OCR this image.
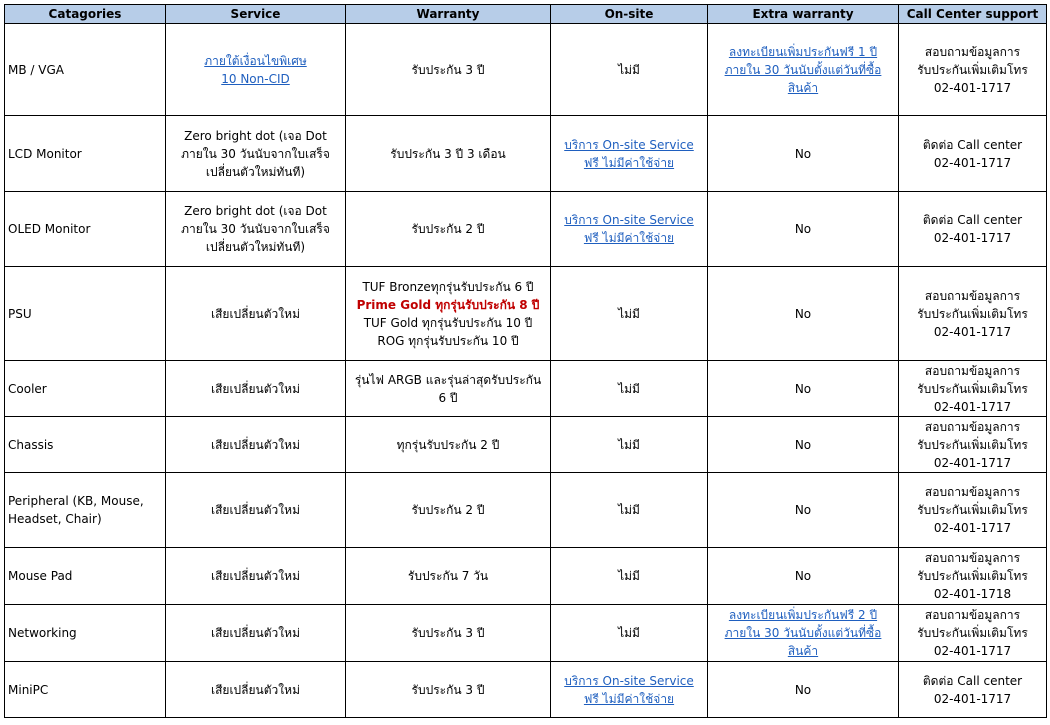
Catagories	Service	Warranty	On-site	Extra warranty	Call Center support
MB / VGA	ภายใต้เงื่อนไขพิเศษ
10 Non-CID	รับประกัน 3 ปี	ไม่มี	ลงทะเบียนเพิ่มประกันฟรี 1 ปี
ภายใน 30 วันนับตั้งแต่วันที่ซื้อ
สินค้า	สอบถามข้อมูลการ
รับประกันเพิ่มเติมโทร
02-401-1717

LCD Monitor	Zero bright dot (เจอ Dot
ภายใน 30 วันนับจากใบเสร็จ
เปลี่ยนตัวใหม่ทันที)	รับประกัน 3 ปี 3 เดือน	บริการ On-site Service
ฟรี ไม่มีค่าใช้จ่าย	No	ติดต่อ Call center
02-401-1717

OLED Monitor	Zero bright dot (เจอ Dot
ภายใน 30 วันนับจากใบเสร็จ
เปลี่ยนตัวใหม่ทันที)	รับประกัน 2 ปี	บริการ On-site Service
ฟรี ไม่มีค่าใช้จ่าย	No	ติดต่อ Call center
02-401-1717

PSU	เสียเปลี่ยนตัวใหม่	TUF Bronzeทุกรุ่นรับประกัน 6 ปี
Prime Gold ทุกรุ่นรับประกัน 8 ปี
TUF Gold ทุกรุ่นรับประกัน 10 ปี
ROG ทุกรุ่นรับประกัน 10 ปี	ไม่มี	No	สอบถามข้อมูลการ
รับประกันเพิ่มเติมโทร
02-401-1717

Cooler	เสียเปลี่ยนตัวใหม่	รุ่นไฟ ARGB และรุ่นล่าสุดรับประกัน
6 ปี	ไม่มี	No	สอบถามข้อมูลการ
รับประกันเพิ่มเติมโทร
02-401-1717

Chassis	เสียเปลี่ยนตัวใหม่	ทุกรุ่นรับประกัน 2 ปี	ไม่มี	No	สอบถามข้อมูลการ
รับประกันเพิ่มเติมโทร
02-401-1717

Peripheral (KB, Mouse,
Headset, Chair)	เสียเปลี่ยนตัวใหม่	รับประกัน 2 ปี	ไม่มี	No	สอบถามข้อมูลการ
รับประกันเพิ่มเติมโทร
02-401-1717

Mouse Pad	เสียเปลี่ยนตัวใหม่	รับประกัน 7 วัน	ไม่มี	No	สอบถามข้อมูลการ
รับประกันเพิ่มเติมโทร
02-401-1718

Networking	เสียเปลี่ยนตัวใหม่	รับประกัน 3 ปี	ไม่มี	ลงทะเบียนเพิ่มประกันฟรี 2 ปี
ภายใน 30 วันนับตั้งแต่วันที่ซื้อ
สินค้า	สอบถามข้อมูลการ
รับประกันเพิ่มเติมโทร
02-401-1717

MiniPC	เสียเปลี่ยนตัวใหม่	รับประกัน 3 ปี	บริการ On-site Service
ฟรี ไม่มีค่าใช้จ่าย	No	ติดต่อ Call center
02-401-1717
